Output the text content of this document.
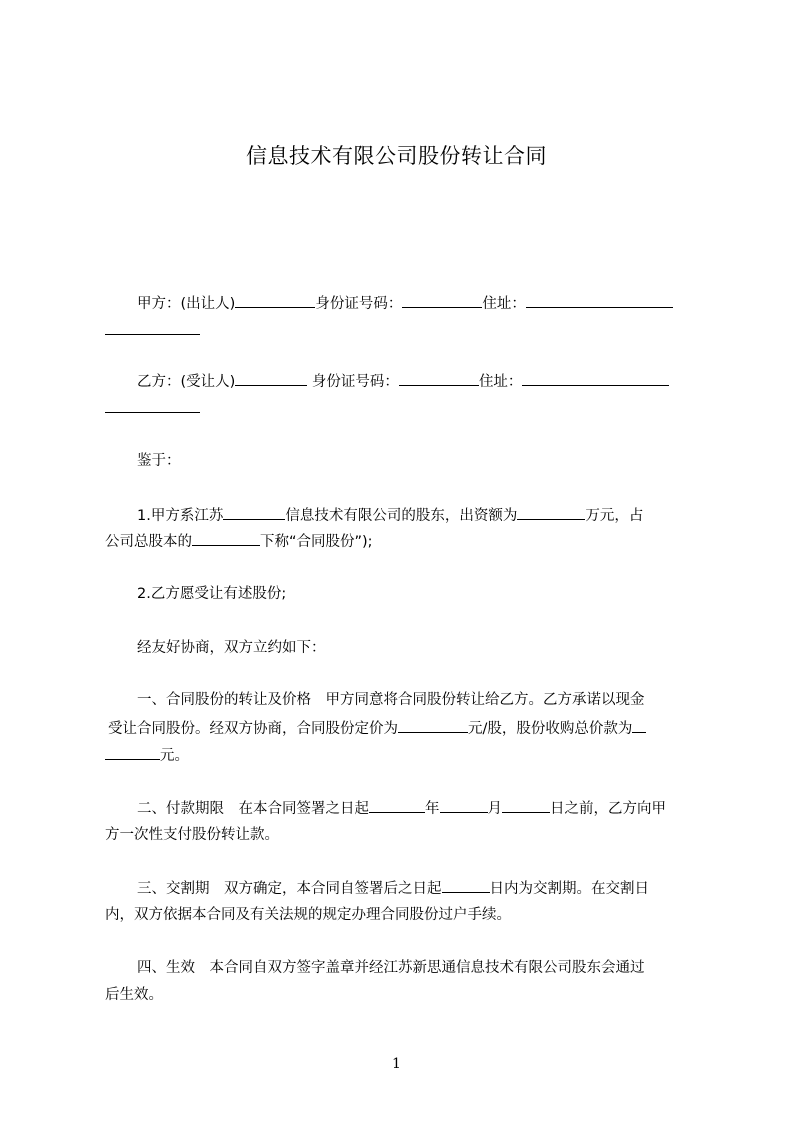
信息技术有限公司股份转让合同
甲方：(出让人)	身份证号码：	住址：
乙方：(受让人)	身份证号码：	住址：
鉴于：
1.甲方系江苏	信息技术有限公司的股东，出资额为	万元，占
公司总股本的	下称“合同股份”);
2.乙方愿受让有述股份;
经友好协商，双方立约如下：
一、合同股份的转让及价格　甲方同意将合同股份转让给乙方。乙方承诺以现金
受让合同股份。经双方协商，合同股份定价为	元/股，股份收购总价款为
元。
二、付款期限　在本合同签署之日起	年	月	日之前，乙方向甲
方一次性支付股份转让款。
三、交割期　双方确定，本合同自签署后之日起	日内为交割期。在交割日
内，双方依据本合同及有关法规的规定办理合同股份过户手续。
四、生效　本合同自双方签字盖章并经江苏新思通信息技术有限公司股东会通过
后生效。
1
